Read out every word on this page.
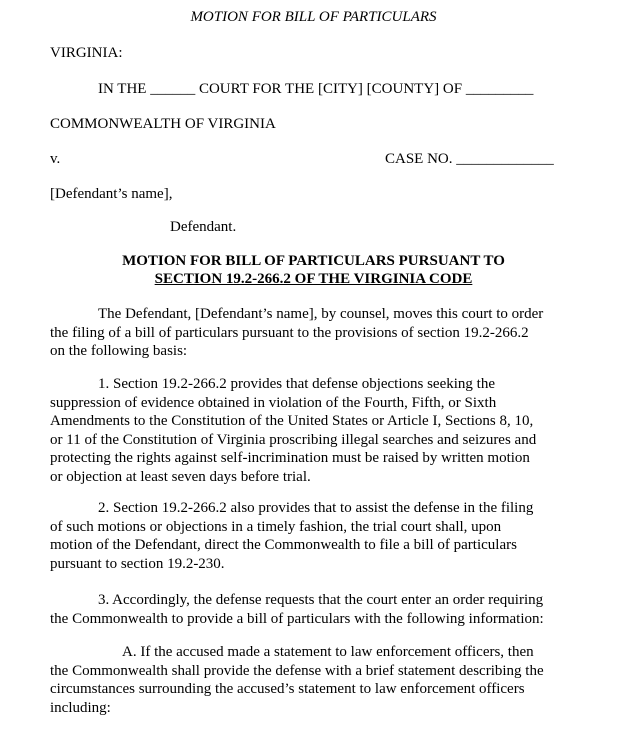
MOTION FOR BILL OF PARTICULARS
VIRGINIA:
IN THE ______ COURT FOR THE [CITY] [COUNTY] OF _________
COMMONWEALTH OF VIRGINIA
v.	CASE NO. _____________
[Defendant’s name],
Defendant.
MOTION FOR BILL OF PARTICULARS PURSUANT TO
SECTION 19.2-266.2 OF THE VIRGINIA CODE
The Defendant, [Defendant’s name], by counsel, moves this court to order
the filing of a bill of particulars pursuant to the provisions of section 19.2-266.2
on the following basis:
1. Section 19.2-266.2 provides that defense objections seeking the
suppression of evidence obtained in violation of the Fourth, Fifth, or Sixth
Amendments to the Constitution of the United States or Article I, Sections 8, 10,
or 11 of the Constitution of Virginia proscribing illegal searches and seizures and
protecting the rights against self-incrimination must be raised by written motion
or objection at least seven days before trial.
2. Section 19.2-266.2 also provides that to assist the defense in the filing
of such motions or objections in a timely fashion, the trial court shall, upon
motion of the Defendant, direct the Commonwealth to file a bill of particulars
pursuant to section 19.2-230.
3. Accordingly, the defense requests that the court enter an order requiring
the Commonwealth to provide a bill of particulars with the following information:
A. If the accused made a statement to law enforcement officers, then
the Commonwealth shall provide the defense with a brief statement describing the
circumstances surrounding the accused’s statement to law enforcement officers
including:
